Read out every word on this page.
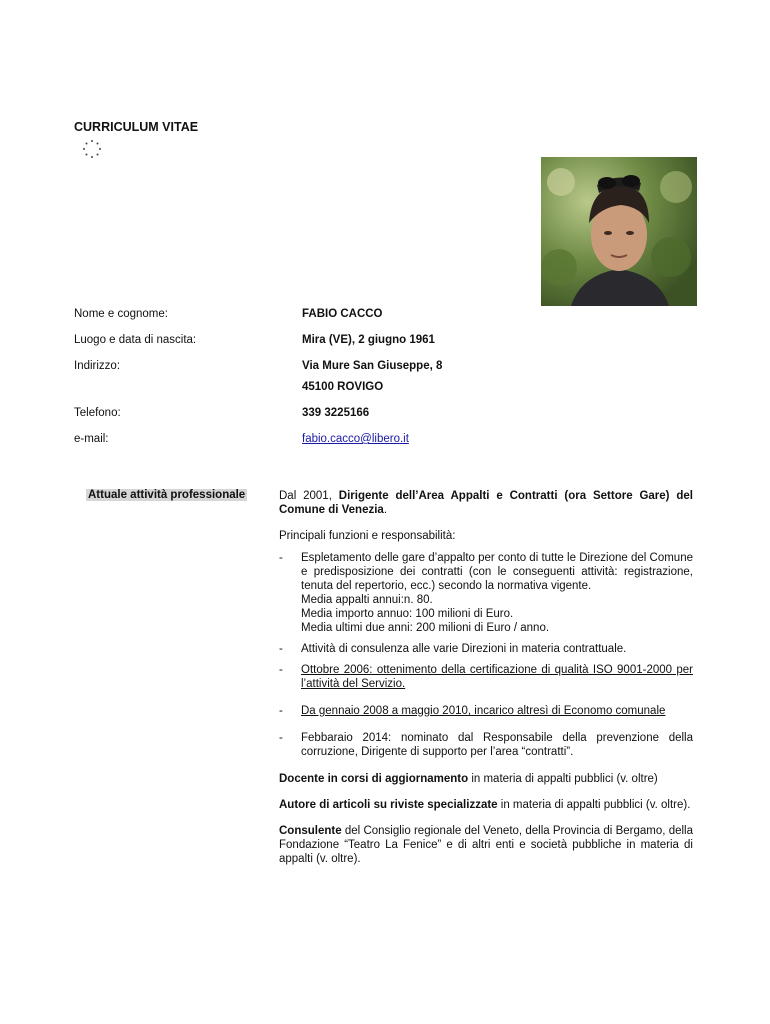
CURRICULUM VITAE
Nome e cognome:	FABIO CACCO
Luogo e data di nascita:	Mira (VE), 2 giugno 1961
Indirizzo:	Via Mure San Giuseppe, 8
45100 ROVIGO
Telefono:	339 3225166
e-mail:	fabio.cacco@libero.it
Attuale attività professionale	Dal 2001, Dirigente dell’Area Appalti e Contratti (ora Settore Gare) del Comune di Venezia.

Principali funzioni e responsabilità:

- Espletamento delle gare d’appalto per conto di tutte le Direzione del Comune e predisposizione dei contratti (con le conseguenti attività: registrazione, tenuta del repertorio, ecc.) secondo la normativa vigente.
Media appalti annui:n. 80.
Media importo annuo: 100 milioni di Euro.
Media ultimi due anni: 200 milioni di Euro / anno.
- Attività di consulenza alle varie Direzioni in materia contrattuale.
- Ottobre 2006: ottenimento della certificazione di qualità ISO 9001-2000 per l’attività del Servizio.
- Da gennaio 2008 a maggio 2010, incarico altresì di Economo comunale
- Febbaraio 2014: nominato dal Responsabile della prevenzione della corruzione, Dirigente di supporto per l’area “contratti”.

Docente in corsi di aggiornamento in materia di appalti pubblici (v. oltre)

Autore di articoli su riviste specializzate in materia di appalti pubblici (v. oltre).

Consulente del Consiglio regionale del Veneto, della Provincia di Bergamo, della Fondazione “Teatro La Fenice” e di altri enti e società pubbliche in materia di appalti (v. oltre).
